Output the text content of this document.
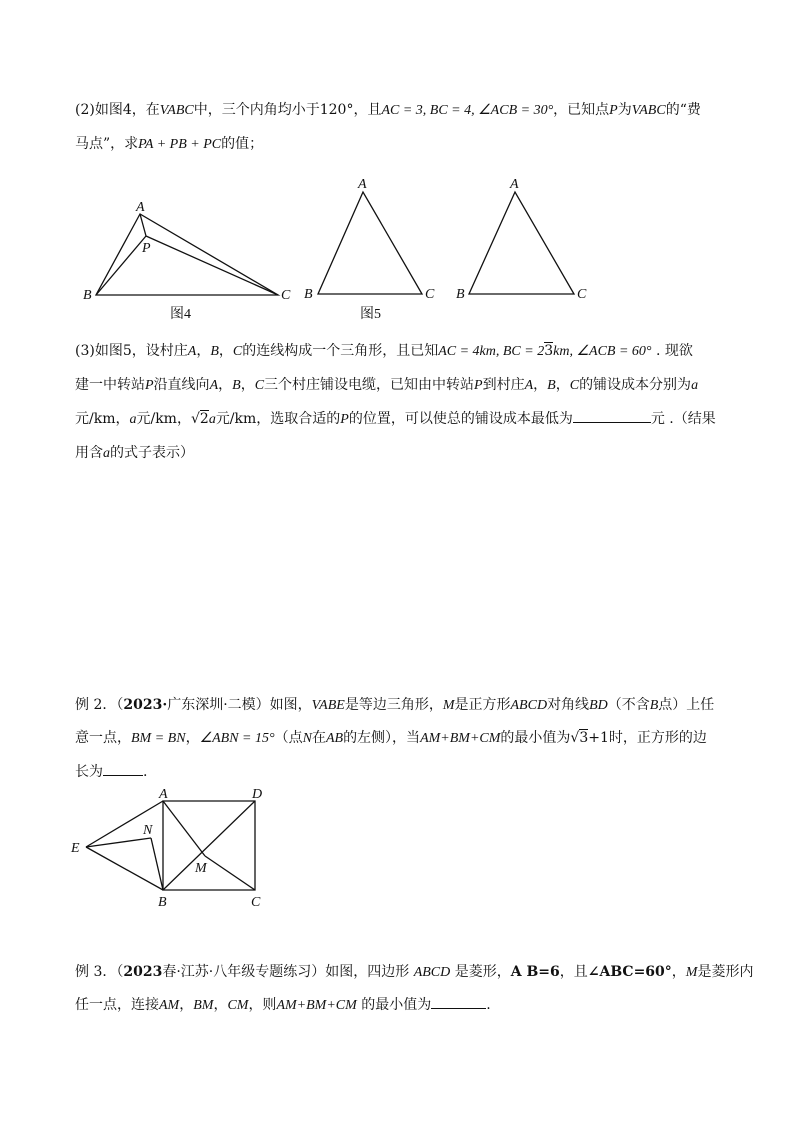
(2)如图4，在VABC中，三个内角均小于120°，且AC = 3, BC = 4, ∠ACB = 30°，已知点P为VABC的“费
马点”，求PA + PB + PC的值；
A
P
B	C
图4
A
B	C
图5
A
B	C
A	D
E
N
M
B	C
(3)如图5，设村庄A，B，C的连线构成一个三角形，且已知AC = 4km, BC = 23km, ∠ACB = 60° . 现欲
建一中转站P沿直线向A，B，C三个村庄铺设电缆，已知由中转站P到村庄A，B，C的铺设成本分别为a
元/km，a元/km，√2a元/km，选取合适的P的位置，可以使总的铺设成本最低为	元 .（结果
用含a的式子表示）
例 2．（2023·广东深圳·二模）如图，VABE是等边三角形，M是正方形ABCD对角线BD（不含B点）上任
意一点，BM = BN，∠ABN = 15°（点N在AB的左侧），当AM+BM+CM的最小值为√3+1时，正方形的边
长为	.
例 3．（2023春·江苏·八年级专题练习）如图，四边形 ABCD 是菱形，A B=6，且∠ABC=60°，M是菱形内
任一点，连接AM，BM，CM，则AM+BM+CM 的最小值为	.
